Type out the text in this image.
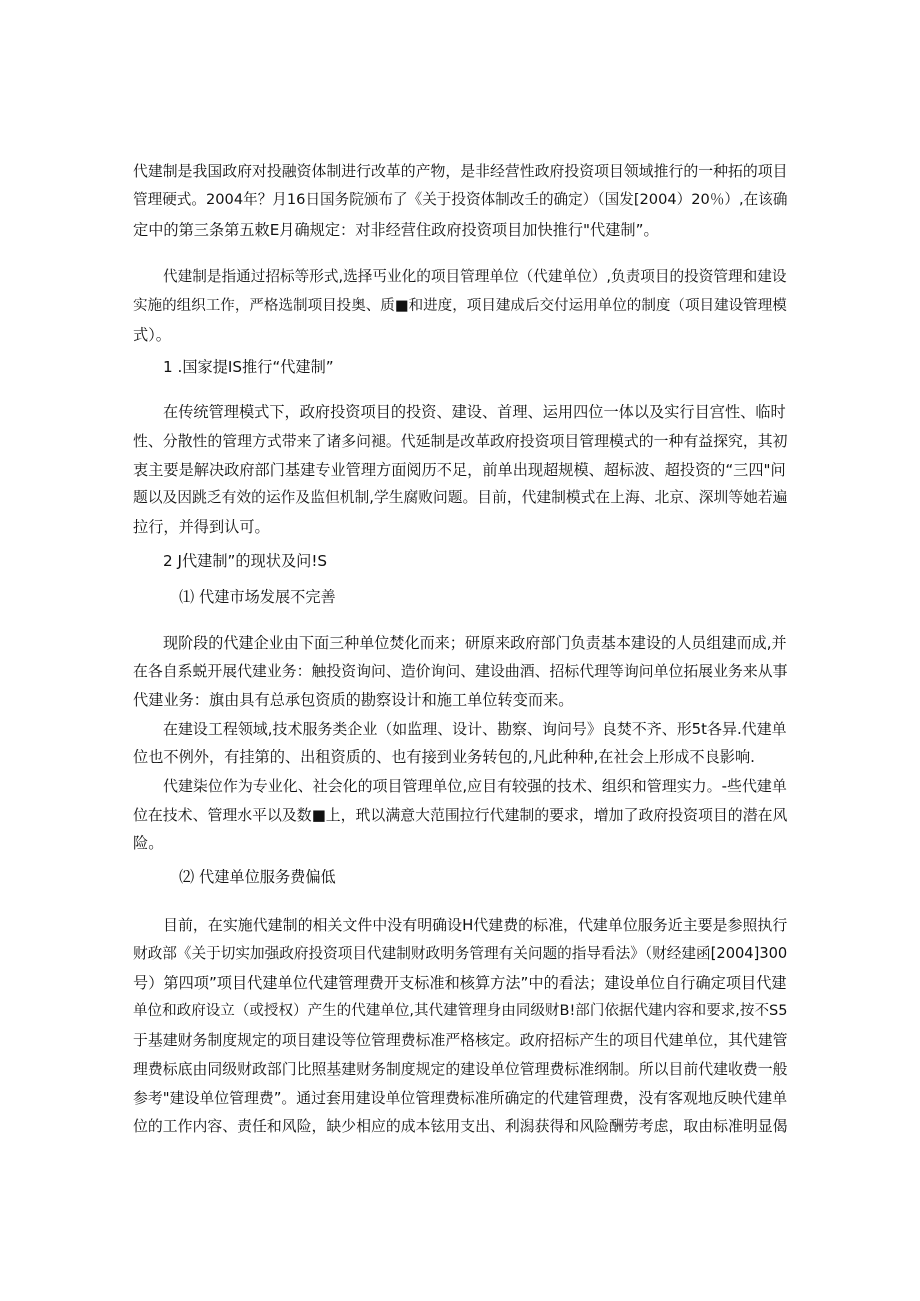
代建制是我国政府对投融资体制进行改革的产物，是非经营性政府投资项目领域推行的一种拓的项目
管理硬式。2004年？月16日国务院颁布了《关于投资体制改壬的确定）（国发[2004）20％）,在该确
定中的第三条第五敕E月确规定：对非经营住政府投资项目加快推行"代建制”。
代建制是指通过招标等形式,选择丐业化的项目管理单位（代建单位）,负责项目的投资管理和建设
实施的组织工作，严格选制项目投奥、质■和进度，项目建成后交付运用单位的制度（项目建设管理模
式）。
1 .国家提IS推行“代建制”
在传统管理模式下，政府投资项目的投资、建设、首理、运用四位一体以及实行目宫性、临时
性、分散性的管理方式带来了诸多问褪。代延制是改革政府投资项目管理模式的一种有益探究，其初
衷主要是解决政府部门基建专业管理方面阅历不足，前单出现超规模、超标波、超投资的“三四"问
题以及因跳乏有效的运作及监但机制,学生腐败问题。目前，代建制模式在上海、北京、深圳等她若遍
拉行，并得到认可。
2 J代建制”的现状及问!S
⑴ 代建市场发展不完善
现阶段的代建企业由下面三种单位焚化而来；研原来政府部门负责基本建设的人员组建而成,并
在各自系蜕开展代建业务：触投资询问、造价询问、建设曲酒、招标代理等询问单位拓展业务来从事
代建业务：旗由具有总承包资质的勘察设计和施工单位转变而来。
在建设工程领域,技术服务类企业（如监理、设计、勘察、询问号》良焚不齐、形5t各异.代建单
位也不例外，有挂第的、出租资质的、也有接到业务转包的,凡此种种,在社会上形成不良影响.
代建柒位作为专业化、社会化的项目管理单位,应目有较强的技术、组织和管理实力。-些代建单
位在技术、管理水平以及数■上，玳以满意大范围拉行代建制的要求，增加了政府投资项目的潜在风
险。
⑵ 代建单位服务费偏低
目前，在实施代建制的相关文件中没有明确设H代建费的标准，代建单位服务近主要是参照执行
财政部《关于切实加强政府投资项目代建制财政明务管理有关问题的指导看法》（财经建函[2004]300
号）第四项”项目代建单位代建管理费开支标准和核算方法”中的看法；建设单位自行确定项目代建
单位和政府设立（或授权）产生的代建单位,其代建管理身由同级财B!部门依据代建内容和要求,按不S5
于基建财务制度规定的项目建设等位管理费标准严格核定。政府招标产生的项目代建单位，其代建管
理费标底由同级财政部门比照基建财务制度规定的建设单位管理费标准纲制。所以目前代建收费一般
参考"建设单位管理费”。通过套用建设单位管理费标准所确定的代建管理费，没有客观地反映代建单
位的工作内容、责任和风险，缺少相应的成本铉用支出、利潟获得和风险酬劳考虑，取由标准明显偈
